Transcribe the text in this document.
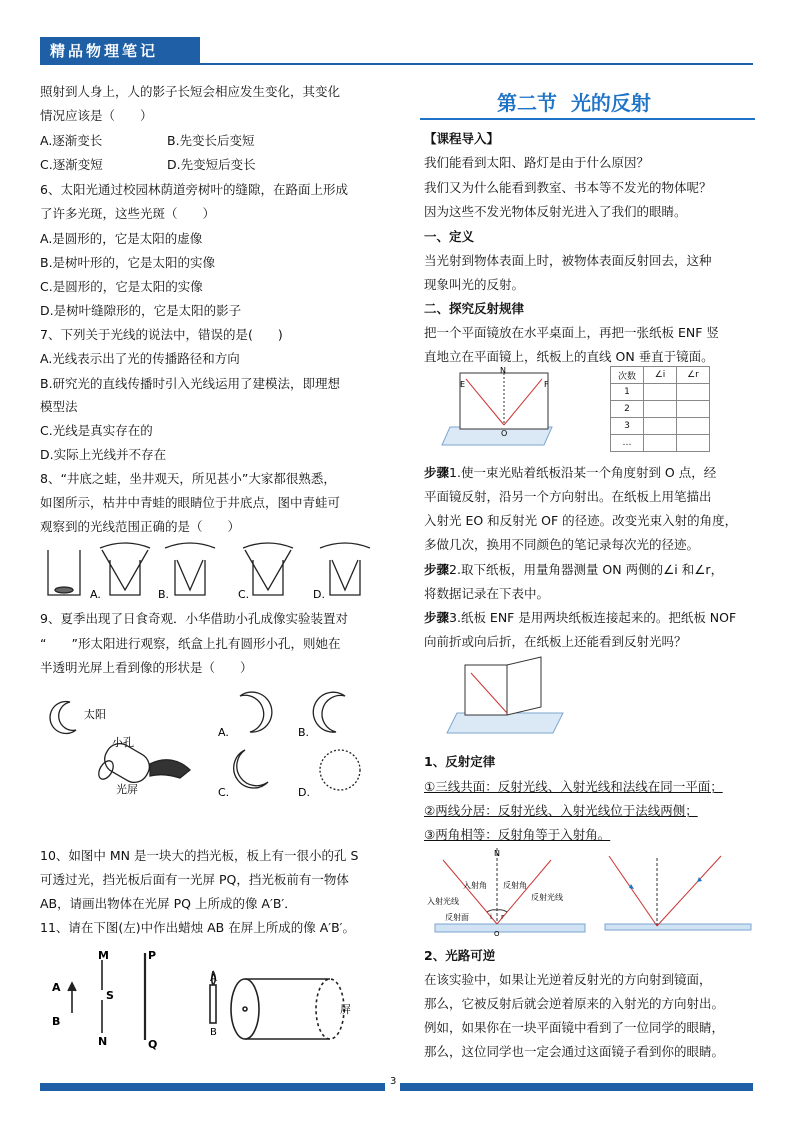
精品物理笔记
照射到人身上，人的影子长短会相应发生变化，其变化
情况应该是（　　）
A.逐渐变长	B.先变长后变短
C.逐渐变短	D.先变短后变长
6、太阳光通过校园林荫道旁树叶的缝隙，在路面上形成
了许多光斑，这些光斑（　　）
A.是圆形的，它是太阳的虚像
B.是树叶形的，它是太阳的实像
C.是圆形的，它是太阳的实像
D.是树叶缝隙形的，它是太阳的影子
7、下列关于光线的说法中，错误的是(　　)
A.光线表示出了光的传播路径和方向
B.研究光的直线传播时引入光线运用了建模法，即理想
模型法
C.光线是真实存在的
D.实际上光线并不存在
8、“井底之蛙，坐井观天，所见甚小”大家都很熟悉，
如图所示，枯井中青蛙的眼睛位于井底点，图中青蛙可
观察到的光线范围正确的是（　　）
A.	B.	C.	D.
9、夏季出现了日食奇观．小华借助小孔成像实验装置对
“　　”形太阳进行观察，纸盒上扎有圆形小孔，则她在
半透明光屏上看到像的形状是（　　）
太阳
小孔
光屏
A.	B.
C.	D.
10、如图中 MN 是一块大的挡光板，板上有一很小的孔 S
可透过光，挡光板后面有一光屏 PQ，挡光板前有一物体
AB，请画出物体在光屏 PQ 上所成的像 A′B′．
11、请在下图(左)中作出蜡烛 AB 在屏上所成的像 A′B′。
A
B
M
S
N
P
Q
A
B
屏
第二节 光的反射
【课程导入】
我们能看到太阳、路灯是由于什么原因？
我们又为什么能看到教室、书本等不发光的物体呢？
因为这些不发光物体反射光进入了我们的眼睛。
一、定义
当光射到物体表面上时，被物体表面反射回去，这种
现象叫光的反射。
二、探究反射规律
把一个平面镜放在水平桌面上，再把一张纸板 ENF 竖
直地立在平面镜上，纸板上的直线 ON 垂直于镜面。
E
N
F
O
次数	∠i	∠r
1		
2		
3		
…		
步骤1.使一束光贴着纸板沿某一个角度射到 O 点，经
平面镜反射，沿另一个方向射出。在纸板上用笔描出
入射光 EO 和反射光 OF 的径迹。改变光束入射的角度，
多做几次，换用不同颜色的笔记录每次光的径迹。
步骤2.取下纸板，用量角器测量 ON 两侧的∠i 和∠r，
将数据记录在下表中。
步骤3.纸板 ENF 是用两块纸板连接起来的。把纸板 NOF
向前折或向后折，在纸板上还能看到反射光吗？
1、反射定律
①三线共面：反射光线、入射光线和法线在同一平面；
②两线分居：反射光线、入射光线位于法线两侧；
③两角相等：反射角等于入射角。
N
入射角 反射角
入射光线	反射光线
反射面	i r
O
2、光路可逆
在该实验中，如果让光逆着反射光的方向射到镜面，
那么，它被反射后就会逆着原来的入射光的方向射出。
例如，如果你在一块平面镜中看到了一位同学的眼睛，
那么，这位同学也一定会通过这面镜子看到你的眼睛。
3
